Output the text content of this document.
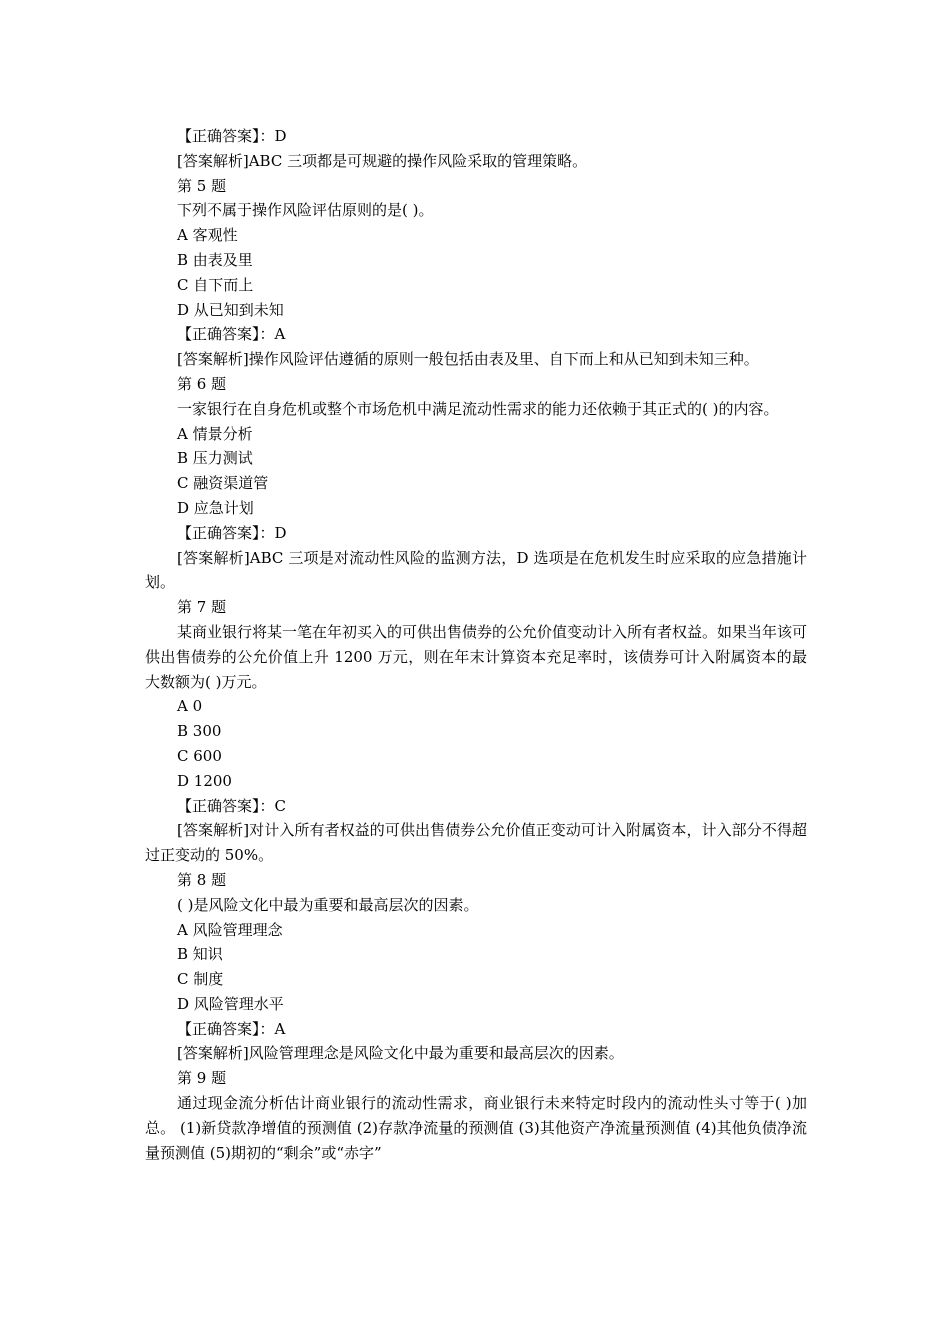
【正确答案】：D

[答案解析]ABC 三项都是可规避的操作风险采取的管理策略。

第 5 题

下列不属于操作风险评估原则的是( )。

A 客观性

B 由表及里

C 自下而上

D 从已知到未知

【正确答案】：A

[答案解析]操作风险评估遵循的原则一般包括由表及里、自下而上和从已知到未知三种。

第 6 题

一家银行在自身危机或整个市场危机中满足流动性需求的能力还依赖于其正式的( )的内容。

A 情景分析

B 压力测试

C 融资渠道管

D 应急计划

【正确答案】：D

[答案解析]ABC 三项是对流动性风险的监测方法，D 选项是在危机发生时应采取的应急措施计划。

第 7 题

某商业银行将某一笔在年初买入的可供出售债券的公允价值变动计入所有者权益。如果当年该可供出售债券的公允价值上升 1200 万元，则在年末计算资本充足率时，该债券可计入附属资本的最大数额为( )万元。

A 0

B 300

C 600

D 1200

【正确答案】：C

[答案解析]对计入所有者权益的可供出售债券公允价值正变动可计入附属资本，计入部分不得超过正变动的 50%。

第 8 题

( )是风险文化中最为重要和最高层次的因素。

A 风险管理理念

B 知识

C 制度

D 风险管理水平

【正确答案】：A

[答案解析]风险管理理念是风险文化中最为重要和最高层次的因素。

第 9 题

通过现金流分析估计商业银行的流动性需求，商业银行未来特定时段内的流动性头寸等于( )加总。 (1)新贷款净增值的预测值 (2)存款净流量的预测值 (3)其他资产净流量预测值 (4)其他负债净流量预测值 (5)期初的“剩余”或“赤字”
